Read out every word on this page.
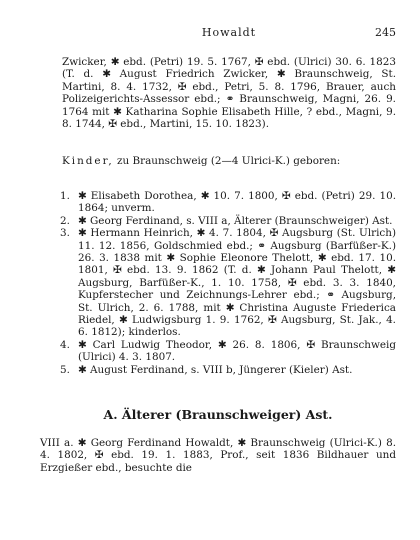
Howaldt	245

Zwicker, ✱ ebd. (Petri) 19. 5. 1767, ✠ ebd. (Ulrici) 30. 6. 1823 (T. d. ✱ August Friedrich Zwicker, ✱ Braunschweig, St. Martini, 8. 4. 1732, ✠ ebd., Petri, 5. 8. 1796, Brauer, auch Polizeigerichts-Assessor ebd.; ⚭ Braunschweig, Magni, 26. 9. 1764 mit ✱ Katharina Sophie Elisabeth Hille, ? ebd., Magni, 9. 8. 1744, ✠ ebd., Martini, 15. 10. 1823).

Kinder, zu Braunschweig (2—4 Ulrici-K.) geboren:

1. ✱ Elisabeth Dorothea, ✱ 10. 7. 1800, ✠ ebd. (Petri) 29. 10. 1864; unverm.
2. ✱ Georg Ferdinand, s. VIII a, Älterer (Braunschweiger) Ast.
3. ✱ Hermann Heinrich, ✱ 4. 7. 1804, ✠ Augsburg (St. Ulrich) 11. 12. 1856, Goldschmied ebd.; ⚭ Augsburg (Barfüßer-K.) 26. 3. 1838 mit ✱ Sophie Eleonore Thelott, ✱ ebd. 17. 10. 1801, ✠ ebd. 13. 9. 1862 (T. d. ✱ Johann Paul Thelott, ✱ Augsburg, Barfüßer-K., 1. 10. 1758, ✠ ebd. 3. 3. 1840, Kupferstecher und Zeichnungs-Lehrer ebd.; ⚭ Augsburg, St. Ulrich, 2. 6. 1788, mit ✱ Christina Auguste Friederica Riedel, ✱ Ludwigsburg 1. 9. 1762, ✠ Augsburg, St. Jak., 4. 6. 1812); kinderlos.
4. ✱ Carl Ludwig Theodor, ✱ 26. 8. 1806, ✠ Braunschweig (Ulrici) 4. 3. 1807.
5. ✱ August Ferdinand, s. VIII b, Jüngerer (Kieler) Ast.
A. Älterer (Braunschweiger) Ast.

VIII a. ✱ Georg Ferdinand Howaldt, ✱ Braunschweig (Ulrici-K.) 8. 4. 1802, ✠ ebd. 19. 1. 1883, Prof., seit 1836 Bildhauer und Erzgießer ebd., besuchte die
